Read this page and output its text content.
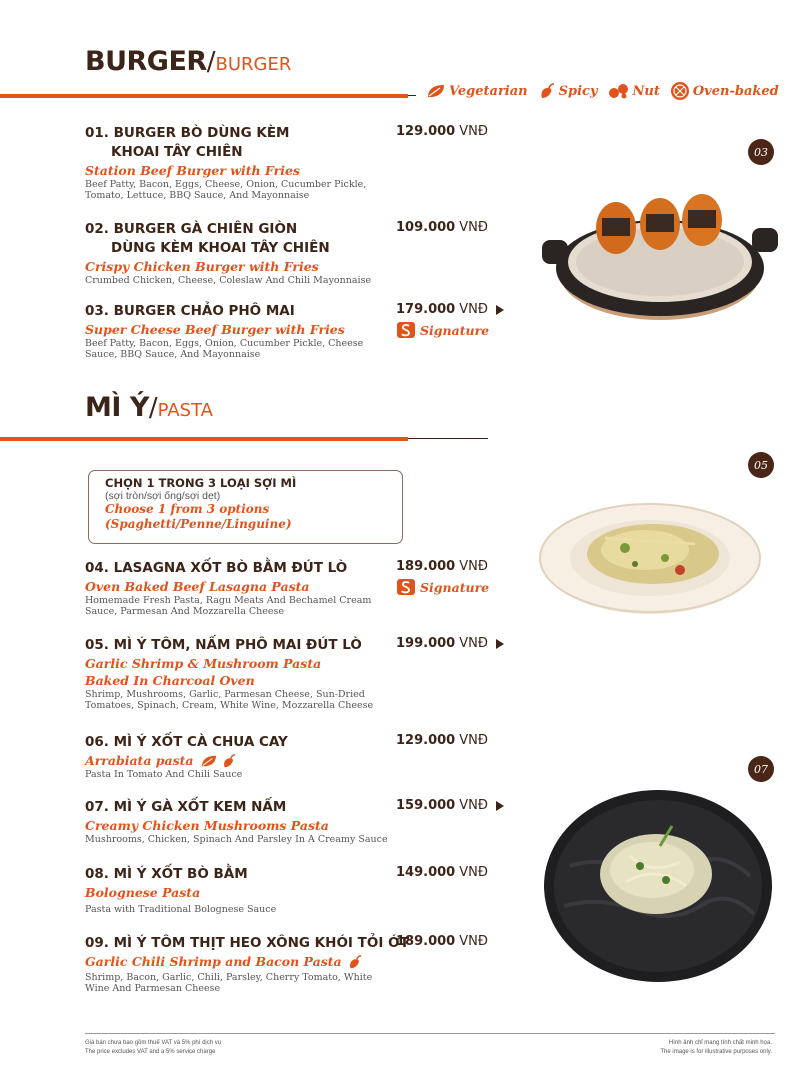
BURGER/BURGER
Vegetarian Spicy	Nut	Oven-baked
01. BURGER BÒ DÙNG KÈM
KHOAI TÂY CHIÊN
Station Beef Burger with Fries
Beef Patty, Bacon, Eggs, Cheese, Onion, Cucumber Pickle, Tomato, Lettuce, BBQ Sauce, And Mayonnaise
129.000 VNĐ
02. BURGER GÀ CHIÊN GIÒN
DÙNG KÈM KHOAI TÂY CHIÊN
Crispy Chicken Burger with Fries
Crumbed Chicken, Cheese, Coleslaw And Chili Mayonnaise
109.000 VNĐ
03. BURGER CHẢO PHÔ MAI
Super Cheese Beef Burger with Fries
Beef Patty, Bacon, Eggs, Onion, Cucumber Pickle, Cheese Sauce, BBQ Sauce, And Mayonnaise
179.000 VNĐ
Signature
03
MÌ Ý/PASTA
CHỌN 1 TRONG 3 LOẠI SỢI MÌ
(sợi tròn/sợi ống/sợi dẹt)
Choose 1 from 3 options
(Spaghetti/Penne/Linguine)
04. LASAGNA XỐT BÒ BẰM ĐÚT LÒ
Oven Baked Beef Lasagna Pasta
Homemade Fresh Pasta, Ragu Meats And Bechamel Cream Sauce, Parmesan And Mozzarella Cheese
189.000 VNĐ
Signature
05. MÌ Ý TÔM, NẤM PHÔ MAI ĐÚT LÒ
Garlic Shrimp & Mushroom Pasta
Baked In Charcoal Oven
Shrimp, Mushrooms, Garlic, Parmesan Cheese, Sun-Dried Tomatoes, Spinach, Cream, White Wine, Mozzarella Cheese
199.000 VNĐ
06. MÌ Ý XỐT CÀ CHUA CAY
Arrabiata pasta
Pasta In Tomato And Chili Sauce
129.000 VNĐ
07. MÌ Ý GÀ XỐT KEM NẤM
Creamy Chicken Mushrooms Pasta
Mushrooms, Chicken, Spinach And Parsley In A Creamy Sauce
159.000 VNĐ
08. MÌ Ý XỐT BÒ BẰM
Bolognese Pasta
Pasta with Traditional Bolognese Sauce
149.000 VNĐ
09. MÌ Ý TÔM THỊT HEO XÔNG KHÓI TỎI ỚT
Garlic Chili Shrimp and Bacon Pasta
Shrimp, Bacon, Garlic, Chili, Parsley, Cherry Tomato, White Wine And Parmesan Cheese
189.000 VNĐ
05
07
Giá bán chưa bao gồm thuế VAT và 5% phí dịch vụ
The price excludes VAT and a 5% service charge
Hình ảnh chỉ mang tính chất minh họa.
The image is for illustrative purposes only.
